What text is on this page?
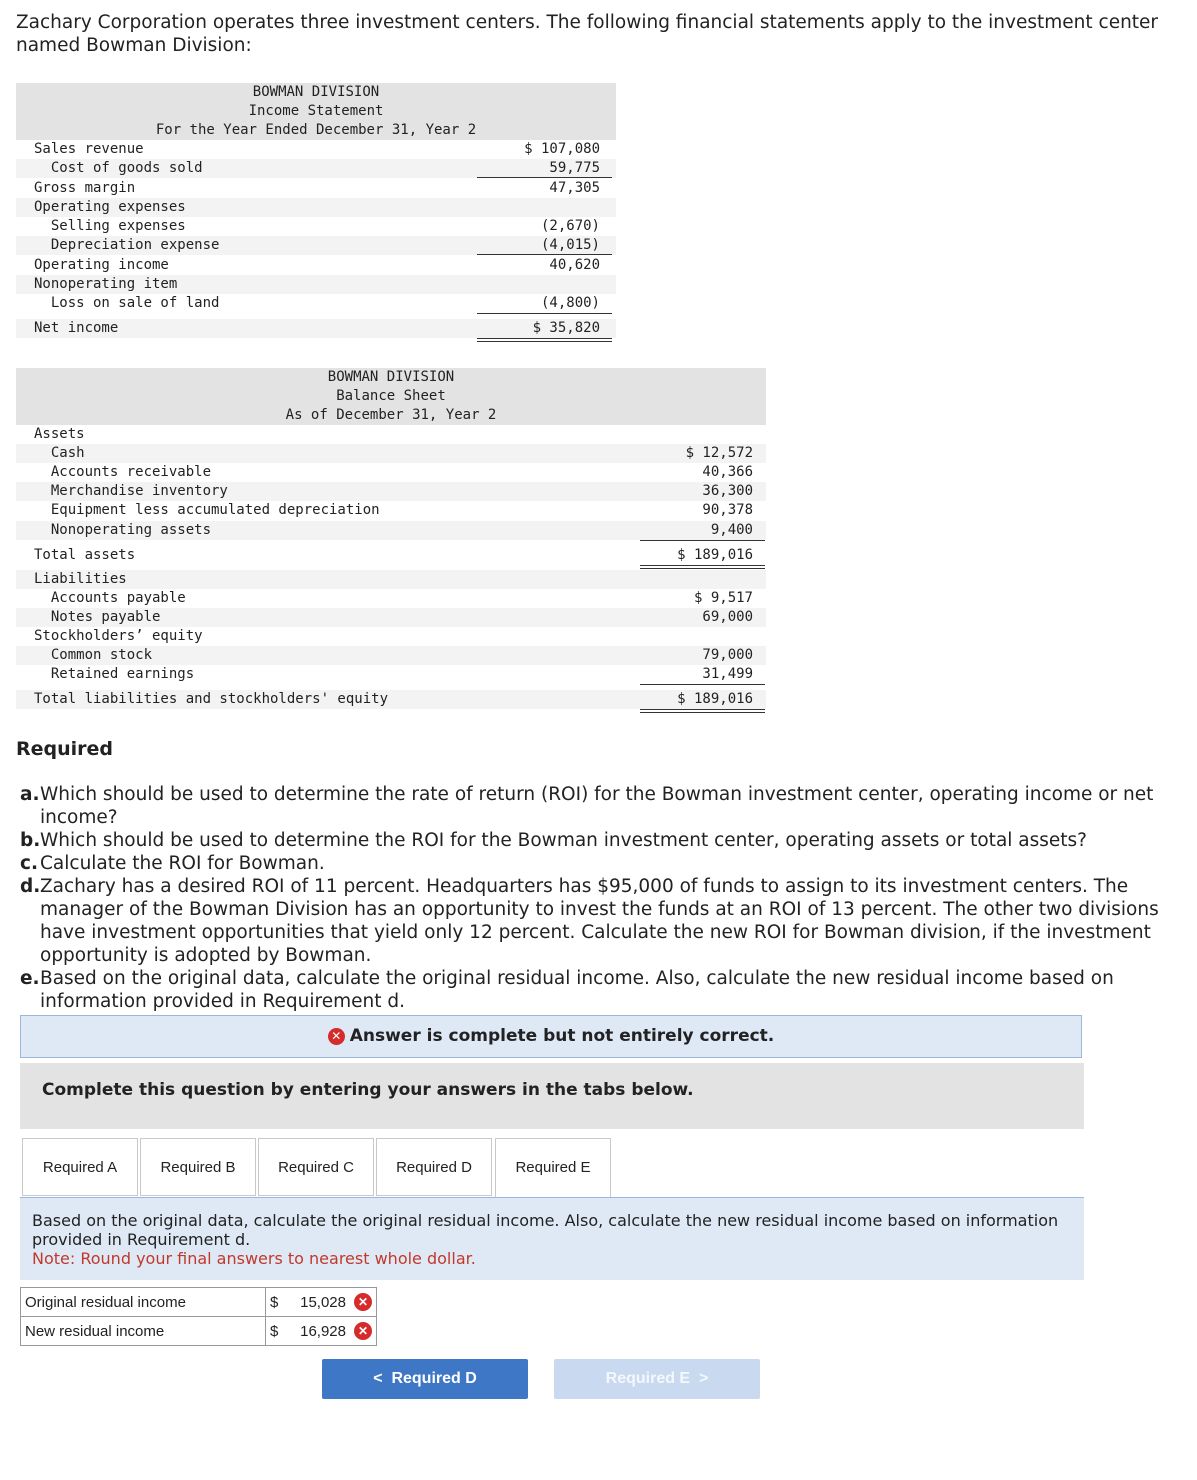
Zachary Corporation operates three investment centers. The following financial statements apply to the investment center named Bowman Division:
BOWMAN DIVISION
Income Statement
For the Year Ended December 31, Year 2
Sales revenue	$ 107,080
Cost of goods sold	59,775
Gross margin	47,305
Operating expenses
Selling expenses	(2,670)
Depreciation expense	(4,015)
Operating income	40,620
Nonoperating item
Loss on sale of land	(4,800)
Net income	$ 35,820
BOWMAN DIVISION
Balance Sheet
As of December 31, Year 2
Assets
Cash	$ 12,572
Accounts receivable	40,366
Merchandise inventory	36,300
Equipment less accumulated depreciation	90,378
Nonoperating assets	9,400
Total assets	$ 189,016
Liabilities
Accounts payable	$ 9,517
Notes payable	69,000
Stockholders’ equity
Common stock	79,000
Retained earnings	31,499
Total liabilities and stockholders' equity	$ 189,016
Required
a. Which should be used to determine the rate of return (ROI) for the Bowman investment center, operating income or net income?
b. Which should be used to determine the ROI for the Bowman investment center, operating assets or total assets?
c. Calculate the ROI for Bowman.
d. Zachary has a desired ROI of 11 percent. Headquarters has $95,000 of funds to assign to its investment centers. The manager of the Bowman Division has an opportunity to invest the funds at an ROI of 13 percent. The other two divisions have investment opportunities that yield only 12 percent. Calculate the new ROI for Bowman division, if the investment opportunity is adopted by Bowman.
e. Based on the original data, calculate the original residual income. Also, calculate the new residual income based on information provided in Requirement d.
✕ Answer is complete but not entirely correct.
Complete this question by entering your answers in the tabs below.
Required A	Required B	Required C	Required D	Required E
Based on the original data, calculate the original residual income. Also, calculate the new residual income based on information provided in Requirement d.
Note: Round your final answers to nearest whole dollar.
Original residual income	$ 15,028 ✕

New residual income	$ 16,928 ✕
< Required D	Required E >
